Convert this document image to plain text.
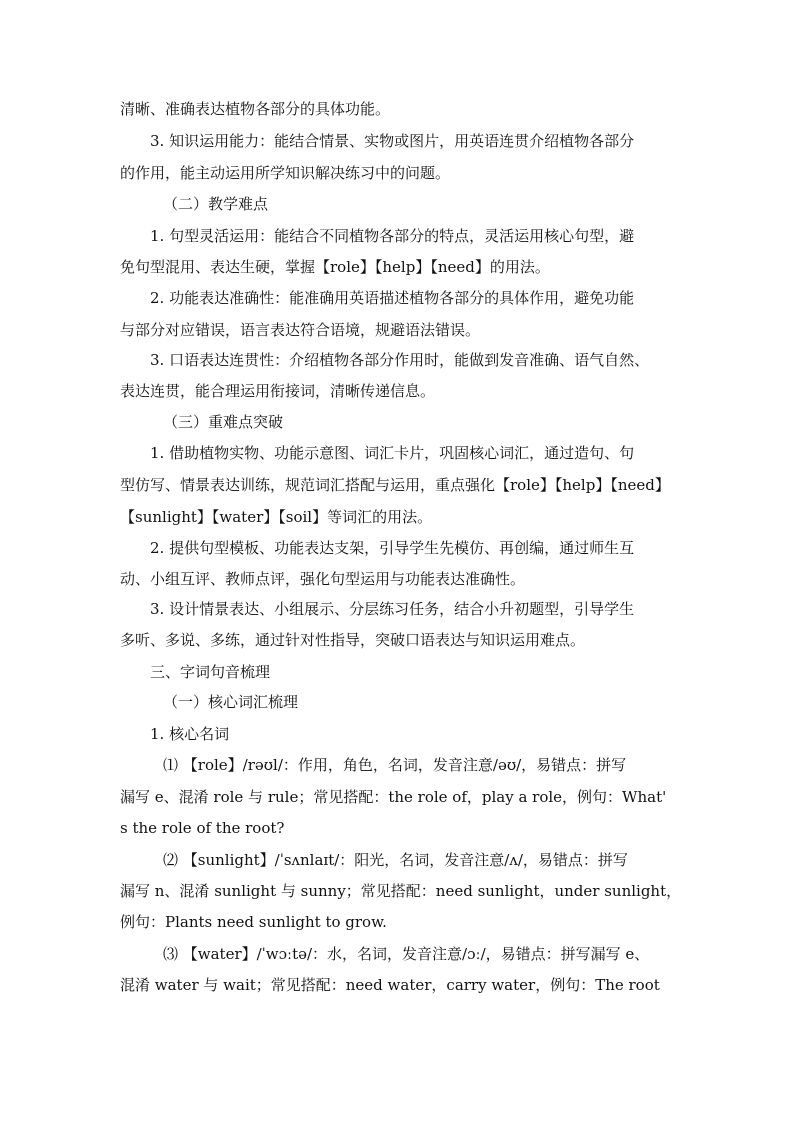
清晰、准确表达植物各部分的具体功能。
3. 知识运用能力：能结合情景、实物或图片，用英语连贯介绍植物各部分
的作用，能主动运用所学知识解决练习中的问题。
（二）教学难点
1. 句型灵活运用：能结合不同植物各部分的特点，灵活运用核心句型，避
免句型混用、表达生硬，掌握【role】【help】【need】的用法。
2. 功能表达准确性：能准确用英语描述植物各部分的具体作用，避免功能
与部分对应错误，语言表达符合语境，规避语法错误。
3. 口语表达连贯性：介绍植物各部分作用时，能做到发音准确、语气自然、
表达连贯，能合理运用衔接词，清晰传递信息。
（三）重难点突破
1. 借助植物实物、功能示意图、词汇卡片，巩固核心词汇，通过造句、句
型仿写、情景表达训练，规范词汇搭配与运用，重点强化【role】【help】【need】
【sunlight】【water】【soil】等词汇的用法。
2. 提供句型模板、功能表达支架，引导学生先模仿、再创编，通过师生互
动、小组互评、教师点评，强化句型运用与功能表达准确性。
3. 设计情景表达、小组展示、分层练习任务，结合小升初题型，引导学生
多听、多说、多练，通过针对性指导，突破口语表达与知识运用难点。
三、字词句音梳理
（一）核心词汇梳理
1. 核心名词
⑴ 【role】/rəʊl/：作用，角色，名词，发音注意/əʊ/，易错点：拼写
漏写 e、混淆 role 与 rule；常见搭配：the role of，play a role，例句：What'
s the role of the root?
⑵ 【sunlight】/ˈsʌnlaɪt/：阳光，名词，发音注意/ʌ/，易错点：拼写
漏写 n、混淆 sunlight 与 sunny；常见搭配：need sunlight，under sunlight，
例句：Plants need sunlight to grow.
⑶ 【water】/ˈwɔːtə/：水，名词，发音注意/ɔː/，易错点：拼写漏写 e、
混淆 water 与 wait；常见搭配：need water，carry water，例句：The root
